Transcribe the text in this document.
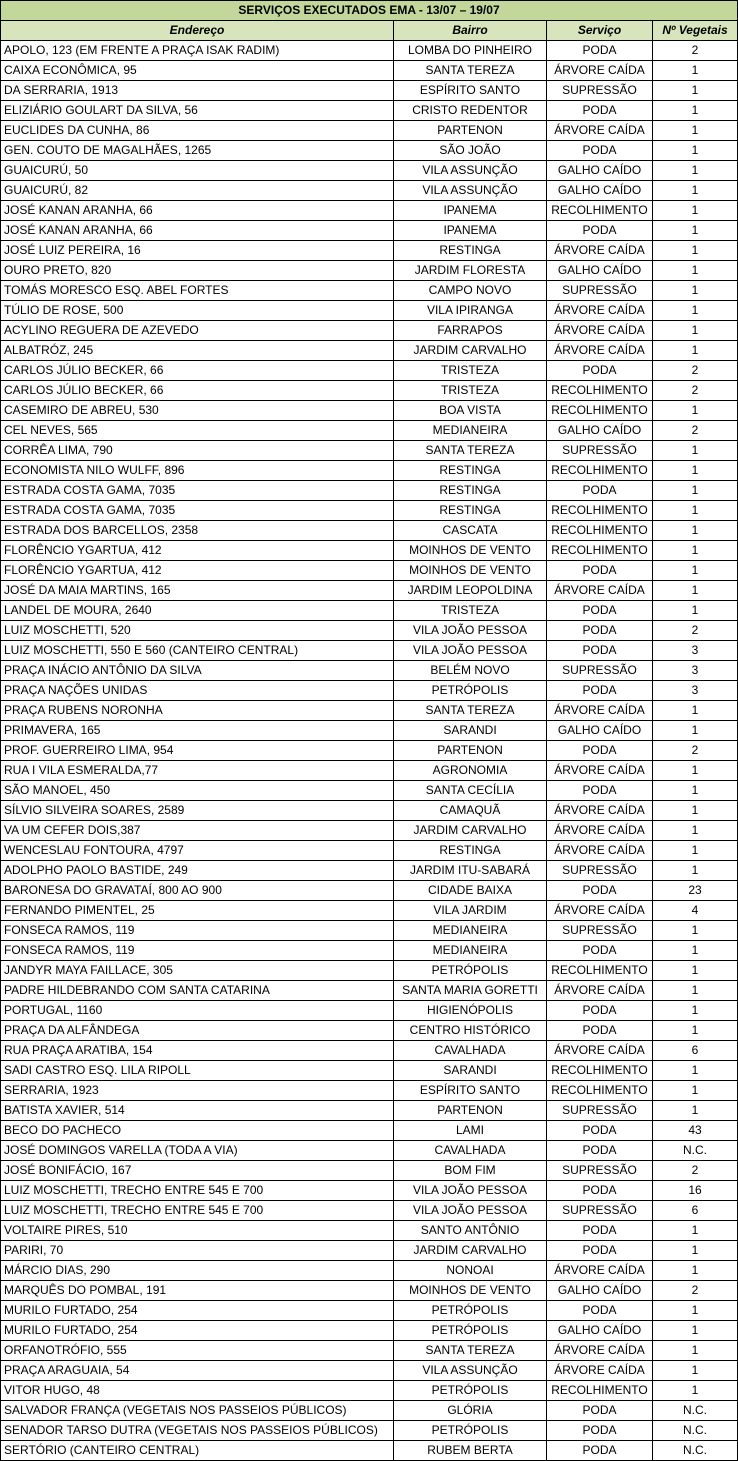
SERVIÇOS EXECUTADOS EMA - 13/07 – 19/07			
Endereço	Bairro	Serviço	Nº Vegetais
APOLO, 123 (EM FRENTE A PRAÇA ISAK RADIM)	LOMBA DO PINHEIRO	PODA	2
CAIXA ECONÔMICA, 95	SANTA TEREZA	ÁRVORE CAÍDA	1
DA SERRARIA, 1913	ESPÍRITO SANTO	SUPRESSÃO	1
ELIZIÁRIO GOULART DA SILVA, 56	CRISTO REDENTOR	PODA	1
EUCLIDES DA CUNHA, 86	PARTENON	ÁRVORE CAÍDA	1
GEN. COUTO DE MAGALHÃES, 1265	SÃO JOÃO	PODA	1
GUAICURÚ, 50	VILA ASSUNÇÃO	GALHO CAÍDO	1
GUAICURÚ, 82	VILA ASSUNÇÃO	GALHO CAÍDO	1
JOSÉ KANAN ARANHA, 66	IPANEMA	RECOLHIMENTO	1
JOSÉ KANAN ARANHA, 66	IPANEMA	PODA	1
JOSÉ LUIZ PEREIRA, 16	RESTINGA	ÁRVORE CAÍDA	1
OURO PRETO, 820	JARDIM FLORESTA	GALHO CAÍDO	1
TOMÁS MORESCO ESQ. ABEL FORTES	CAMPO NOVO	SUPRESSÃO	1
TÚLIO DE ROSE, 500	VILA IPIRANGA	ÁRVORE CAÍDA	1
ACYLINO REGUERA DE AZEVEDO	FARRAPOS	ÁRVORE CAÍDA	1
ALBATRÓZ, 245	JARDIM CARVALHO	ÁRVORE CAÍDA	1
CARLOS JÚLIO BECKER, 66	TRISTEZA	PODA	2
CARLOS JÚLIO BECKER, 66	TRISTEZA	RECOLHIMENTO	2
CASEMIRO DE ABREU, 530	BOA VISTA	RECOLHIMENTO	1
CEL NEVES, 565	MEDIANEIRA	GALHO CAÍDO	2
CORRÊA LIMA, 790	SANTA TEREZA	SUPRESSÃO	1
ECONOMISTA NILO WULFF, 896	RESTINGA	RECOLHIMENTO	1
ESTRADA COSTA GAMA, 7035	RESTINGA	PODA	1
ESTRADA COSTA GAMA, 7035	RESTINGA	RECOLHIMENTO	1
ESTRADA DOS BARCELLOS, 2358	CASCATA	RECOLHIMENTO	1
FLORÊNCIO YGARTUA, 412	MOINHOS DE VENTO	RECOLHIMENTO	1
FLORÊNCIO YGARTUA, 412	MOINHOS DE VENTO	PODA	1
JOSÉ DA MAIA MARTINS, 165	JARDIM LEOPOLDINA	ÁRVORE CAÍDA	1
LANDEL DE MOURA, 2640	TRISTEZA	PODA	1
LUIZ MOSCHETTI, 520	VILA JOÃO PESSOA	PODA	2
LUIZ MOSCHETTI, 550 E 560 (CANTEIRO CENTRAL)	VILA JOÃO PESSOA	PODA	3
PRAÇA INÁCIO ANTÔNIO DA SILVA	BELÉM NOVO	SUPRESSÃO	3
PRAÇA NAÇÕES UNIDAS	PETRÓPOLIS	PODA	3
PRAÇA RUBENS NORONHA	SANTA TEREZA	ÁRVORE CAÍDA	1
PRIMAVERA, 165	SARANDI	GALHO CAÍDO	1
PROF. GUERREIRO LIMA, 954	PARTENON	PODA	2
RUA I VILA ESMERALDA,77	AGRONOMIA	ÁRVORE CAÍDA	1
SÃO MANOEL, 450	SANTA CECÍLIA	PODA	1
SÍLVIO SILVEIRA SOARES, 2589	CAMAQUÃ	ÁRVORE CAÍDA	1
VA UM CEFER DOIS,387	JARDIM CARVALHO	ÁRVORE CAÍDA	1
WENCESLAU FONTOURA, 4797	RESTINGA	ÁRVORE CAÍDA	1
ADOLPHO PAOLO BASTIDE, 249	JARDIM ITU-SABARÁ	SUPRESSÃO	1
BARONESA DO GRAVATAÍ, 800 AO 900	CIDADE BAIXA	PODA	23
FERNANDO PIMENTEL, 25	VILA JARDIM	ÁRVORE CAÍDA	4
FONSECA RAMOS, 119	MEDIANEIRA	SUPRESSÃO	1
FONSECA RAMOS, 119	MEDIANEIRA	PODA	1
JANDYR MAYA FAILLACE, 305	PETRÓPOLIS	RECOLHIMENTO	1
PADRE HILDEBRANDO COM SANTA CATARINA	SANTA MARIA GORETTI	ÁRVORE CAÍDA	1
PORTUGAL, 1160	HIGIENÓPOLIS	PODA	1
PRAÇA DA ALFÂNDEGA	CENTRO HISTÓRICO	PODA	1
RUA PRAÇA ARATIBA, 154	CAVALHADA	ÁRVORE CAÍDA	6
SADI CASTRO ESQ. LILA RIPOLL	SARANDI	RECOLHIMENTO	1
SERRARIA, 1923	ESPÍRITO SANTO	RECOLHIMENTO	1
BATISTA XAVIER, 514	PARTENON	SUPRESSÃO	1
BECO DO PACHECO	LAMI	PODA	43
JOSÉ DOMINGOS VARELLA (TODA A VIA)	CAVALHADA	PODA	N.C.
JOSÉ BONIFÁCIO, 167	BOM FIM	SUPRESSÃO	2
LUIZ MOSCHETTI, TRECHO ENTRE 545 E 700	VILA JOÃO PESSOA	PODA	16
LUIZ MOSCHETTI, TRECHO ENTRE 545 E 700	VILA JOÃO PESSOA	SUPRESSÃO	6
VOLTAIRE PIRES, 510	SANTO ANTÔNIO	PODA	1
PARIRI, 70	JARDIM CARVALHO	PODA	1
MÁRCIO DIAS, 290	NONOAI	ÁRVORE CAÍDA	1
MARQUÊS DO POMBAL, 191	MOINHOS DE VENTO	GALHO CAÍDO	2
MURILO FURTADO, 254	PETRÓPOLIS	PODA	1
MURILO FURTADO, 254	PETRÓPOLIS	GALHO CAÍDO	1
ORFANOTRÓFIO, 555	SANTA TEREZA	ÁRVORE CAÍDA	1
PRAÇA ARAGUAIA, 54	VILA ASSUNÇÃO	ÁRVORE CAÍDA	1
VITOR HUGO, 48	PETRÓPOLIS	RECOLHIMENTO	1
SALVADOR FRANÇA (VEGETAIS NOS PASSEIOS PÚBLICOS)	GLÓRIA	PODA	N.C.
SENADOR TARSO DUTRA (VEGETAIS NOS PASSEIOS PÚBLICOS)	PETRÓPOLIS	PODA	N.C.
SERTÓRIO (CANTEIRO CENTRAL)	RUBEM BERTA	PODA	N.C.
